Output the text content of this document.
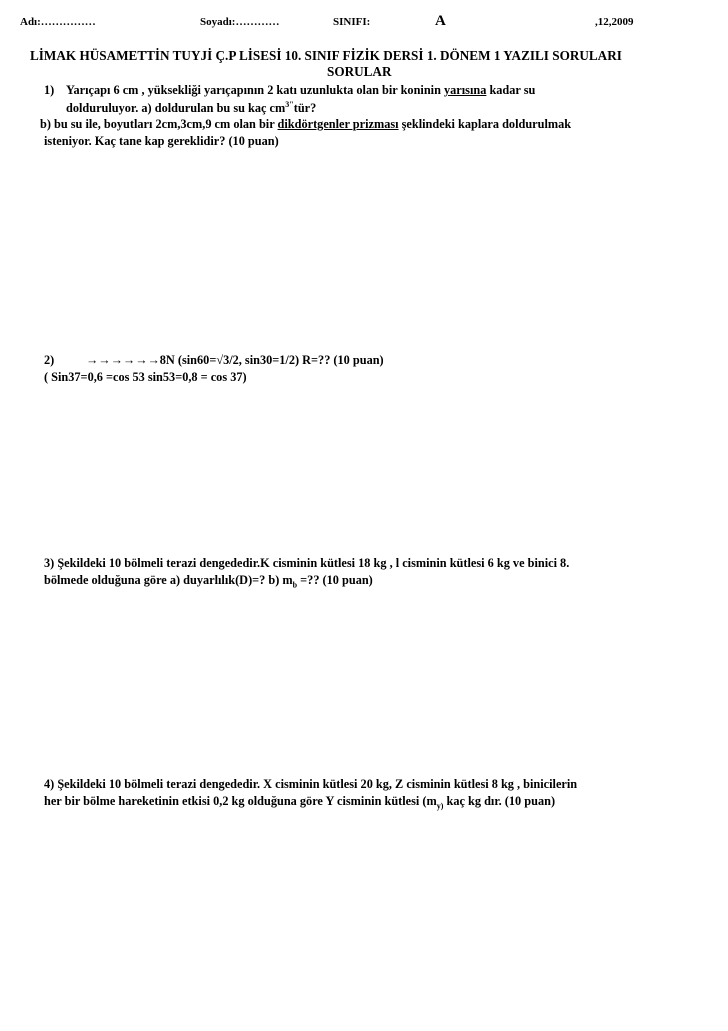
Adı:……………	Soyadı:…………	SINIFI:	A	,12,2009
LİMAK HÜSAMETTİN TUYJİ Ç.P LİSESİ 10. SINIF FİZİK DERSİ 1. DÖNEM 1 YAZILI SORULARI
SORULAR
1) Yarıçapı 6 cm , yüksekliği yarıçapının 2 katı uzunlukta olan bir koninin yarısına kadar su
dolduruluyor. a) doldurulan bu su kaç $cm^{3"}tür$?
b) bu su ile, boyutları 2cm,3cm,9 cm olan bir dikdörtgenler prizması şeklindeki kaplara doldurulmak
isteniyor. Kaç tane kap gereklidir? (10 puan)
2)	→→→→→→8N (sin60=√3/2, sin30=1/2) R=?? (10 puan)
( Sin37=0,6 =cos 53 sin53=0,8 = cos 37)
3) Şekildeki 10 bölmeli terazi dengededir.K cisminin kütlesi 18 kg , l cisminin kütlesi 6 kg ve binici 8.
bölmede olduğuna göre a) duyarlılık(D)=? b) $m_b$ =?? (10 puan)
4) Şekildeki 10 bölmeli terazi dengededir. X cisminin kütlesi 20 kg, Z cisminin kütlesi 8 kg , binicilerin
her bir bölme hareketinin etkisi 0,2 kg olduğuna göre Y cisminin kütlesi ($m_{y)}$ kaç kg dır. (10 puan)
